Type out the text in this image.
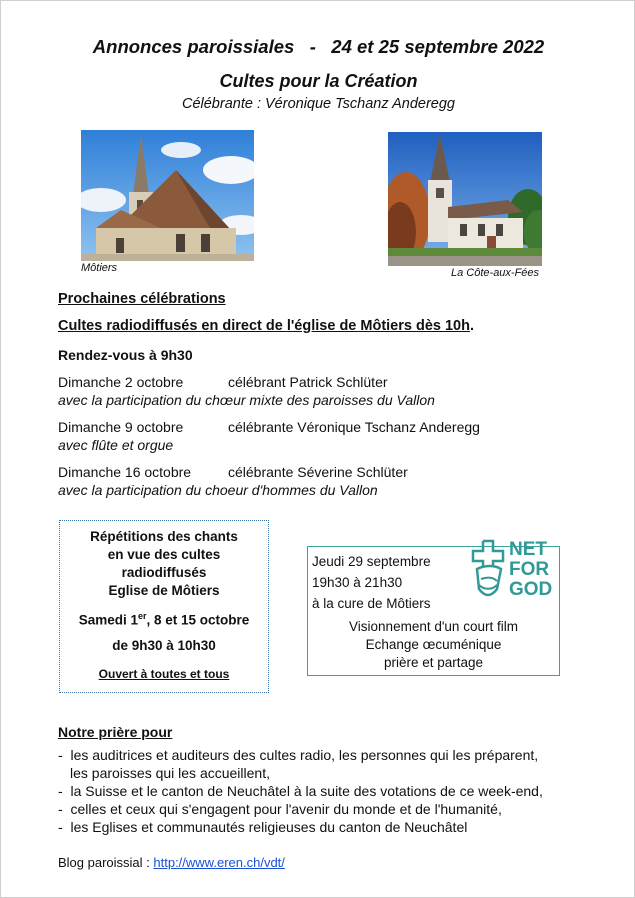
Annonces paroissiales   -   24 et 25 septembre 2022
Cultes pour la Création
Célébrante : Véronique Tschanz Anderegg
Môtiers	La Côte-aux-Fées
Prochaines célébrations
Cultes radiodiffusés en direct de l'église de Môtiers dès 10h.
Rendez-vous à 9h30
Dimanche 2 octobre	célébrant Patrick Schlüter
avec la participation du chœur mixte des paroisses du Vallon
Dimanche 9 octobre	célébrante Véronique Tschanz Anderegg
avec flûte et orgue
Dimanche 16 octobre	célébrante Séverine Schlüter
avec la participation du choeur d'hommes du Vallon
Répétitions des chants
en vue des cultes
radiodiffusés
Eglise de Môtiers
Samedi 1er, 8 et 15 octobre
de 9h30 à 10h30
Ouvert à toutes et tous
Jeudi 29 septembre
19h30 à 21h30
à la cure de Môtiers
Visionnement d'un court film
Echange œcuménique
prière et partage
NET
FOR
GOD
Notre prière pour
-  les auditrices et auditeurs des cultes radio, les personnes qui les préparent,
les paroisses qui les accueillent,
-  la Suisse et le canton de Neuchâtel à la suite des votations de ce week-end,
-  celles et ceux qui s'engagent pour l'avenir du monde et de l'humanité,
-  les Eglises et communautés religieuses du canton de Neuchâtel
Blog paroissial : http://www.eren.ch/vdt/
